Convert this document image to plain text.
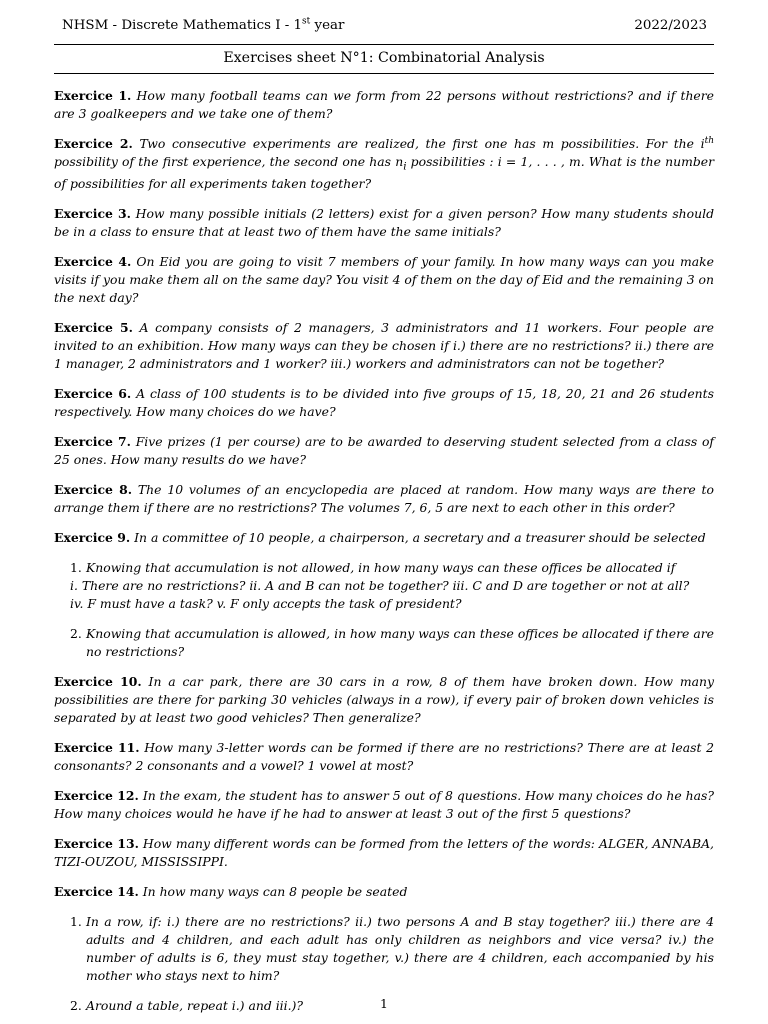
NHSM - Discrete Mathematics I - 1st year	2022/2023
Exercises sheet N°1: Combinatorial Analysis

Exercice 1. How many football teams can we form from 22 persons without restrictions? and if there are 3 goalkeepers and we take one of them?

Exercice 2. Two consecutive experiments are realized, the first one has m possibilities. For the $i^{th}$ possibility of the first experience, the second one has $n_i$ possibilities : i = 1, . . . , m. What is the number of possibilities for all experiments taken together?

Exercice 3. How many possible initials (2 letters) exist for a given person? How many students should be in a class to ensure that at least two of them have the same initials?

Exercice 4. On Eid you are going to visit 7 members of your family. In how many ways can you make visits if you make them all on the same day? You visit 4 of them on the day of Eid and the remaining 3 on the next day?

Exercice 5. A company consists of 2 managers, 3 administrators and 11 workers. Four people are invited to an exhibition. How many ways can they be chosen if i.) there are no restrictions? ii.) there are 1 manager, 2 administrators and 1 worker? iii.) workers and administrators can not be together?

Exercice 6. A class of 100 students is to be divided into five groups of 15, 18, 20, 21 and 26 students respectively. How many choices do we have?

Exercice 7. Five prizes (1 per course) are to be awarded to deserving student selected from a class of 25 ones. How many results do we have?

Exercice 8. The 10 volumes of an encyclopedia are placed at random. How many ways are there to arrange them if there are no restrictions? The volumes 7, 6, 5 are next to each other in this order?

Exercice 9. In a committee of 10 people, a chairperson, a secretary and a treasurer should be selected

1. Knowing that accumulation is not allowed, in how many ways can these offices be allocated if
i. There are no restrictions? ii. A and B can not be together? iii. C and D are together or not at all?
iv. F must have a task? v. F only accepts the task of president?
2. Knowing that accumulation is allowed, in how many ways can these offices be allocated if there are no restrictions?

Exercice 10. In a car park, there are 30 cars in a row, 8 of them have broken down. How many possibilities are there for parking 30 vehicles (always in a row), if every pair of broken down vehicles is separated by at least two good vehicles? Then generalize?

Exercice 11. How many 3-letter words can be formed if there are no restrictions? There are at least 2 consonants? 2 consonants and a vowel? 1 vowel at most?

Exercice 12. In the exam, the student has to answer 5 out of 8 questions. How many choices do he has? How many choices would he have if he had to answer at least 3 out of the first 5 questions?

Exercice 13. How many different words can be formed from the letters of the words: ALGER, ANNABA, TIZI-OUZOU, MISSISSIPPI.

Exercice 14. In how many ways can 8 people be seated

1. In a row, if: i.) there are no restrictions? ii.) two persons A and B stay together? iii.) there are 4 adults and 4 children, and each adult has only children as neighbors and vice versa? iv.) the number of adults is 6, they must stay together, v.) there are 4 children, each accompanied by his mother who stays next to him?
2. Around a table, repeat i.) and iii.)?	1
